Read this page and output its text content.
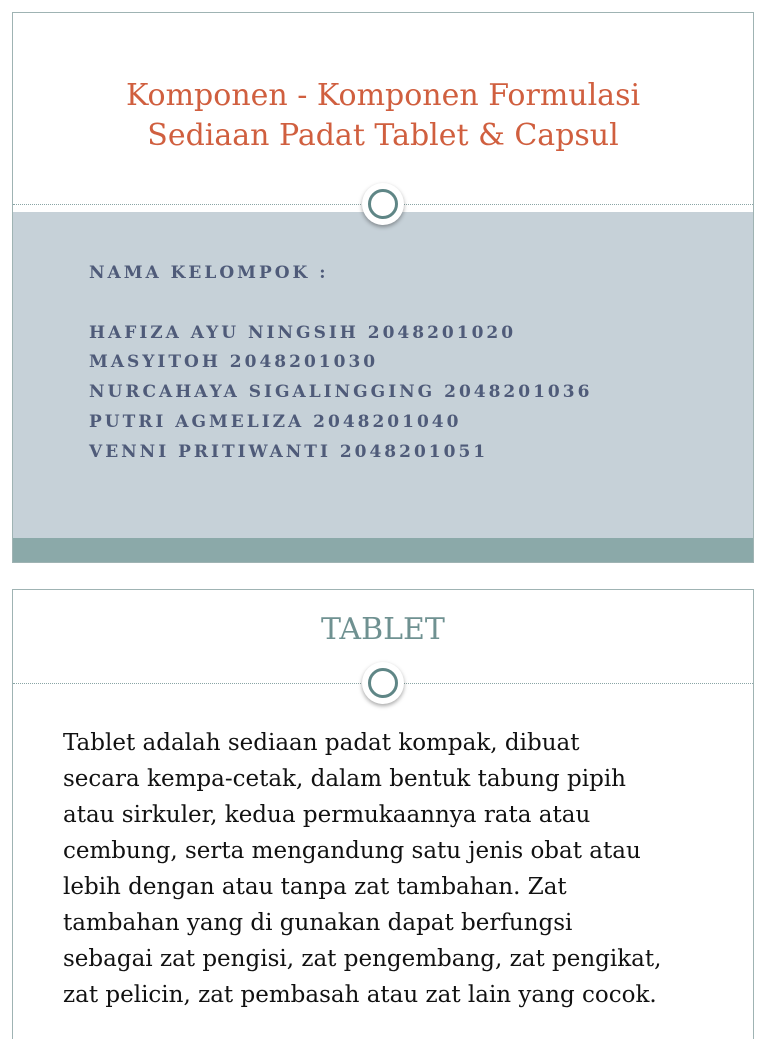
Komponen - Komponen Formulasi
Sediaan Padat Tablet & Capsul
NAMA KELOMPOK :
HAFIZA AYU NINGSIH 2048201020
MASYITOH 2048201030
NURCAHAYA SIGALINGGING 2048201036
PUTRI AGMELIZA 2048201040
VENNI PRITIWANTI 2048201051
TABLET
Tablet adalah sediaan padat kompak, dibuat
secara kempa-cetak, dalam bentuk tabung pipih
atau sirkuler, kedua permukaannya rata atau
cembung, serta mengandung satu jenis obat atau
lebih dengan atau tanpa zat tambahan. Zat
tambahan yang di gunakan dapat berfungsi
sebagai zat pengisi, zat pengembang, zat pengikat,
zat pelicin, zat pembasah atau zat lain yang cocok.
